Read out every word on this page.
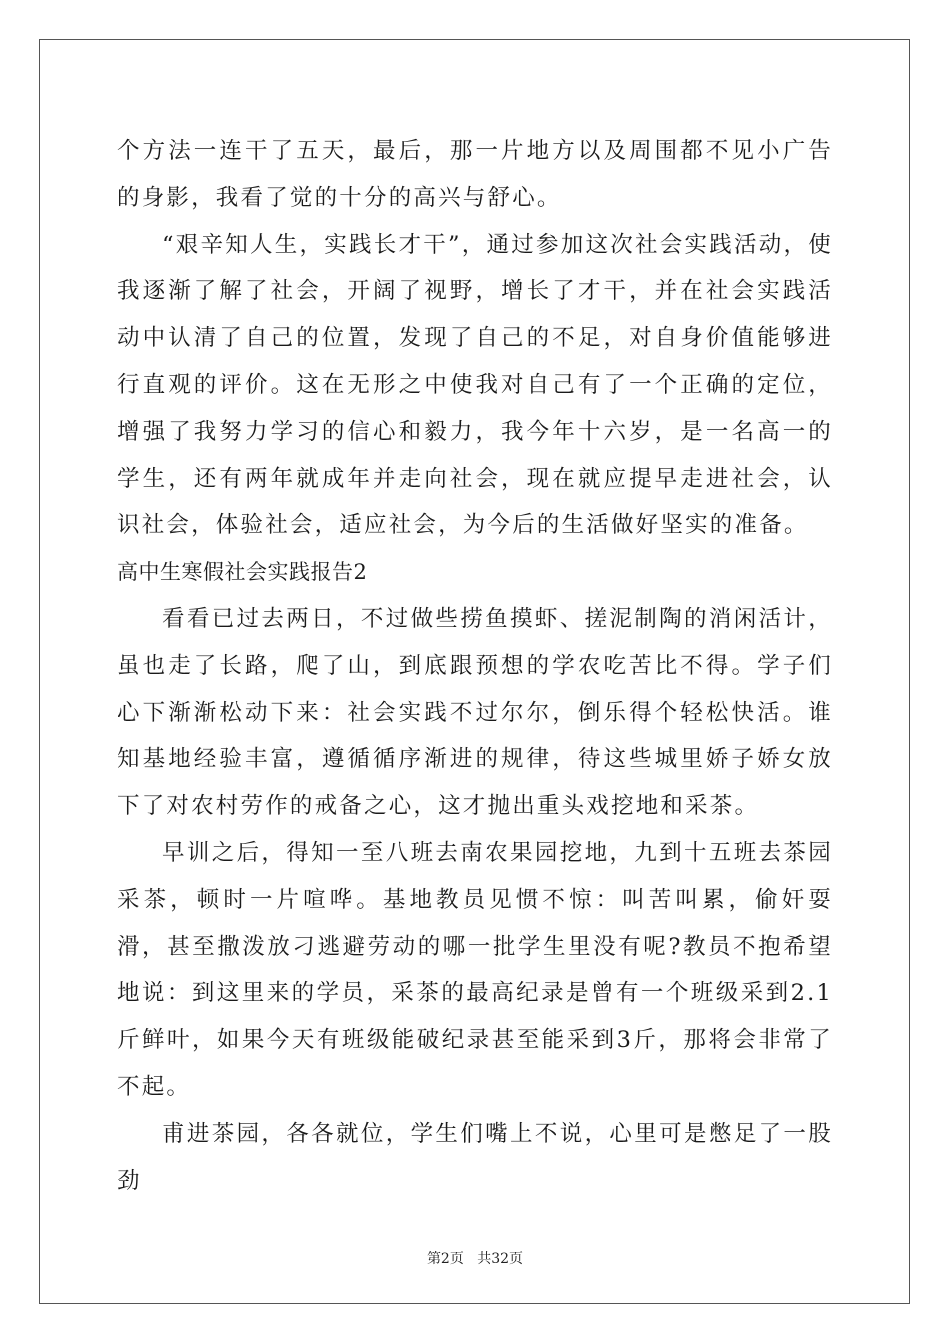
个方法一连干了五天，最后，那一片地方以及周围都不见小广告的身影，我看了觉的十分的高兴与舒心。

“艰辛知人生，实践长才干”，通过参加这次社会实践活动，使我逐渐了解了社会，开阔了视野，增长了才干，并在社会实践活动中认清了自己的位置，发现了自己的不足，对自身价值能够进行直观的评价。这在无形之中使我对自己有了一个正确的定位，增强了我努力学习的信心和毅力，我今年十六岁，是一名高一的学生，还有两年就成年并走向社会，现在就应提早走进社会，认识社会，体验社会，适应社会，为今后的生活做好坚实的准备。

高中生寒假社会实践报告2

看看已过去两日，不过做些捞鱼摸虾、搓泥制陶的消闲活计，虽也走了长路，爬了山，到底跟预想的学农吃苦比不得。学子们心下渐渐松动下来：社会实践不过尔尔，倒乐得个轻松快活。谁知基地经验丰富，遵循循序渐进的规律，待这些城里娇子娇女放下了对农村劳作的戒备之心，这才抛出重头戏挖地和采茶。

早训之后，得知一至八班去南农果园挖地，九到十五班去茶园采茶，顿时一片喧哗。基地教员见惯不惊：叫苦叫累，偷奸耍滑，甚至撒泼放刁逃避劳动的哪一批学生里没有呢?教员不抱希望地说：到这里来的学员，采茶的最高纪录是曾有一个班级采到2.1斤鲜叶，如果今天有班级能破纪录甚至能采到3斤，那将会非常了不起。

甫进茶园，各各就位，学生们嘴上不说，心里可是憋足了一股劲

第2页 共32页
